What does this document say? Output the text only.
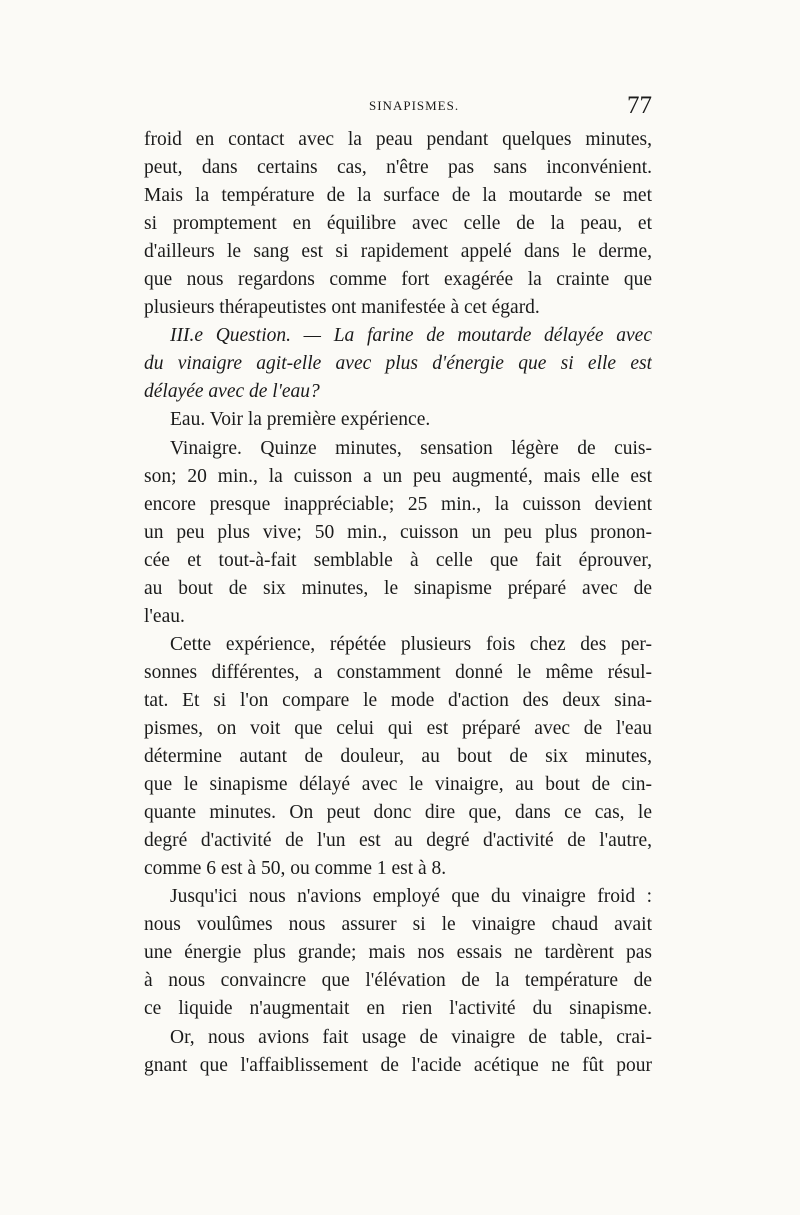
SINAPISMES.	77
froid en contact avec la peau pendant quelques minutes,
peut, dans certains cas, n'être pas sans inconvénient.
Mais la température de la surface de la moutarde se met
si promptement en équilibre avec celle de la peau, et
d'ailleurs le sang est si rapidement appelé dans le derme,
que nous regardons comme fort exagérée la crainte que
plusieurs thérapeutistes ont manifestée à cet égard.
III.e Question. — La farine de moutarde délayée avec
du vinaigre agit-elle avec plus d'énergie que si elle est
délayée avec de l'eau?
Eau. Voir la première expérience.
Vinaigre. Quinze minutes, sensation légère de cuis-
son; 20 min., la cuisson a un peu augmenté, mais elle est
encore presque inappréciable; 25 min., la cuisson devient
un peu plus vive; 50 min., cuisson un peu plus pronon-
cée et tout-à-fait semblable à celle que fait éprouver,
au bout de six minutes, le sinapisme préparé avec de
l'eau.
Cette expérience, répétée plusieurs fois chez des per-
sonnes différentes, a constamment donné le même résul-
tat. Et si l'on compare le mode d'action des deux sina-
pismes, on voit que celui qui est préparé avec de l'eau
détermine autant de douleur, au bout de six minutes,
que le sinapisme délayé avec le vinaigre, au bout de cin-
quante minutes. On peut donc dire que, dans ce cas, le
degré d'activité de l'un est au degré d'activité de l'autre,
comme 6 est à 50, ou comme 1 est à 8.
Jusqu'ici nous n'avions employé que du vinaigre froid :
nous voulûmes nous assurer si le vinaigre chaud avait
une énergie plus grande; mais nos essais ne tardèrent pas
à nous convaincre que l'élévation de la température de
ce liquide n'augmentait en rien l'activité du sinapisme.
Or, nous avions fait usage de vinaigre de table, crai-
gnant que l'affaiblissement de l'acide acétique ne fût pour
